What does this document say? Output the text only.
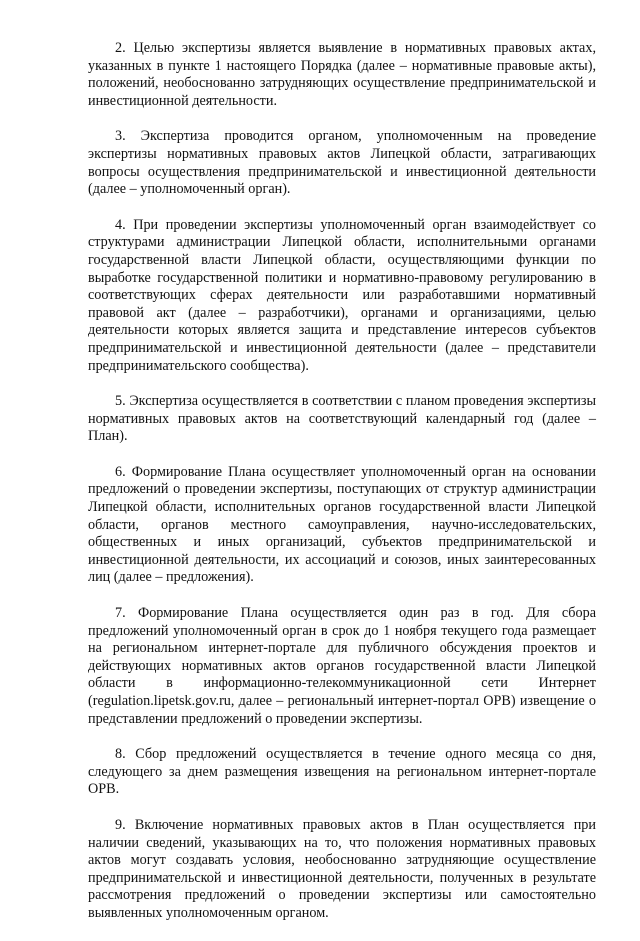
2. Целью экспертизы является выявление в нормативных правовых актах, указанных в пункте 1 настоящего Порядка (далее – нормативные правовые акты), положений, необоснованно затрудняющих осуществление предпринимательской и инвестиционной деятельности.

3. Экспертиза проводится органом, уполномоченным на проведение экспертизы нормативных правовых актов Липецкой области, затрагивающих вопросы осуществления предпринимательской и инвестиционной деятельности (далее – уполномоченный орган).

4. При проведении экспертизы уполномоченный орган взаимодействует со структурами администрации Липецкой области, исполнительными органами государственной власти Липецкой области, осуществляющими функции по выработке государственной политики и нормативно-правовому регулированию в соответствующих сферах деятельности или разработавшими нормативный правовой акт (далее – разработчики), органами и организациями, целью деятельности которых является защита и представление интересов субъектов предпринимательской и инвестиционной деятельности (далее – представители предпринимательского сообщества).

5. Экспертиза осуществляется в соответствии с планом проведения экспертизы нормативных правовых актов на соответствующий календарный год (далее – План).

6. Формирование Плана осуществляет уполномоченный орган на основании предложений о проведении экспертизы, поступающих от структур администрации Липецкой области, исполнительных органов государственной власти Липецкой области, органов местного самоуправления, научно-исследовательских, общественных и иных организаций, субъектов предпринимательской и инвестиционной деятельности, их ассоциаций и союзов, иных заинтересованных лиц (далее – предложения).

7. Формирование Плана осуществляется один раз в год. Для сбора предложений уполномоченный орган в срок до 1 ноября текущего года размещает на региональном интернет-портале для публичного обсуждения проектов и действующих нормативных актов органов государственной власти Липецкой области в информационно-телекоммуникационной сети Интернет (regulation.lipetsk.gov.ru, далее – региональный интернет-портал ОРВ) извещение о представлении предложений о проведении экспертизы.

8. Сбор предложений осуществляется в течение одного месяца со дня, следующего за днем размещения извещения на региональном интернет-портале ОРВ.

9. Включение нормативных правовых актов в План осуществляется при наличии сведений, указывающих на то, что положения нормативных правовых актов могут создавать условия, необоснованно затрудняющие осуществление предпринимательской и инвестиционной деятельности, полученных в результате рассмотрения предложений о проведении экспертизы или самостоятельно выявленных уполномоченным органом.
